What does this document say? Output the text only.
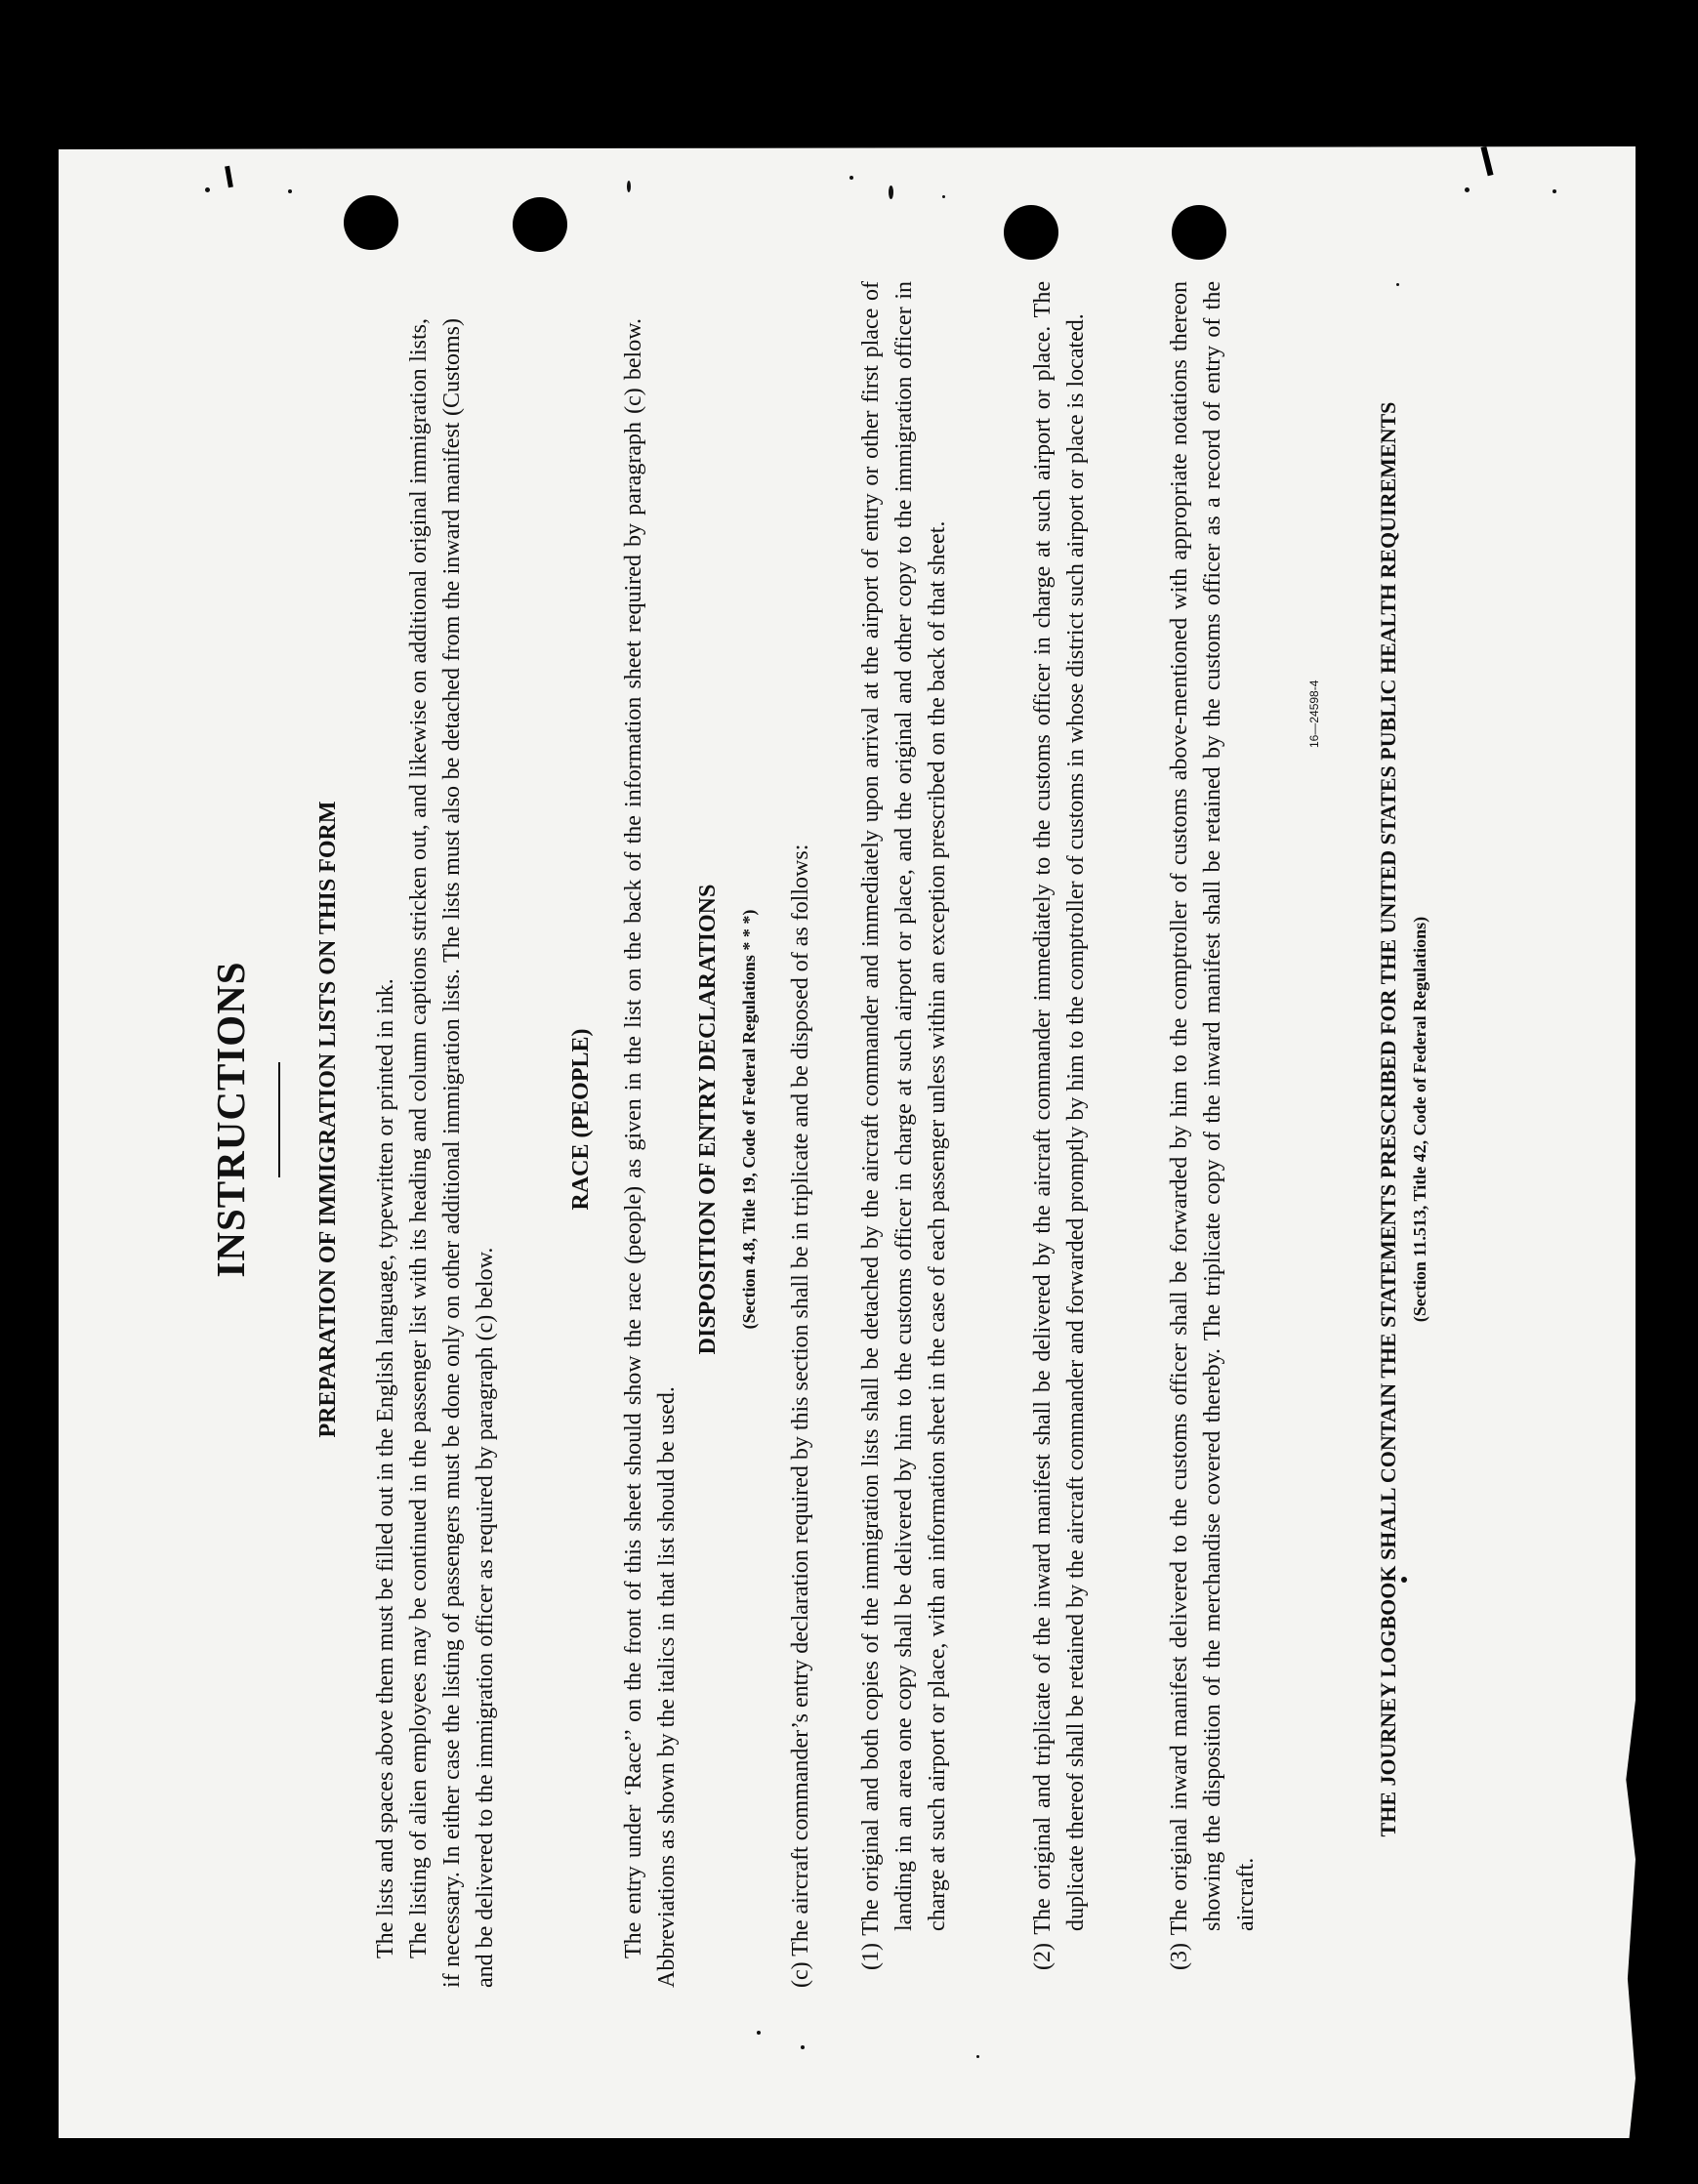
INSTRUCTIONS	PREPARATION OF IMMIGRATION LISTS ON THIS FORM The lists and spaces above them must be filled out in the English language, typewritten or printed in ink. The listing of alien employees may be continued in the passenger list with its heading and column captions stricken out, and likewise on additional original immigration lists, if necessary. In either case the listing of passengers must be done only on other additional immigration lists. The lists must also be detached from the inward manifest (Customs) and be delivered to the immigration officer as required by paragraph (c) below.

RACE (PEOPLE) The entry under ‘Race’’ on the front of this sheet should show the race (people) as given in the list on the back of the information sheet required by paragraph (c) below. Abbreviations as shown by the italics in that list should be used.

DISPOSITION OF ENTRY DECLARATIONS (Section 4.8, Title 19, Code of Federal Regulations * * *) (c) The aircraft commander’s entry declaration required by this section shall be in triplicate and be disposed of as follows: (1) The original and both copies of the immigration lists shall be detached by the aircraft commander and immediately upon arrival at the airport of entry or other first place of landing in an area one copy shall be delivered by him to the customs officer in charge at such airport or place, and the original and other copy to the immigration officer in charge at such airport or place, with an information sheet in the case of each passenger unless within an exception prescribed on the back of that sheet.	(2) The original and triplicate of the inward manifest shall be delivered by the aircraft commander immediately to the customs officer in charge at such airport or place. The duplicate thereof shall be retained by the aircraft commander and forwarded promptly by him to the comptroller of customs in whose district such airport or place is located.	(3) The original inward manifest delivered to the customs officer shall be forwarded by him to the comptroller of customs above-mentioned with appropriate notations thereon showing the disposition of the merchandise covered thereby. The triplicate copy of the inward manifest shall be retained by the customs officer as a record of entry of the aircraft.
16—24598-4	THE JOURNEY LOGBOOK SHALL CONTAIN THE STATEMENTS PRESCRIBED FOR THE UNITED STATES PUBLIC HEALTH REQUIREMENTS (Section 11.513, Title 42, Code of Federal Regulations)
